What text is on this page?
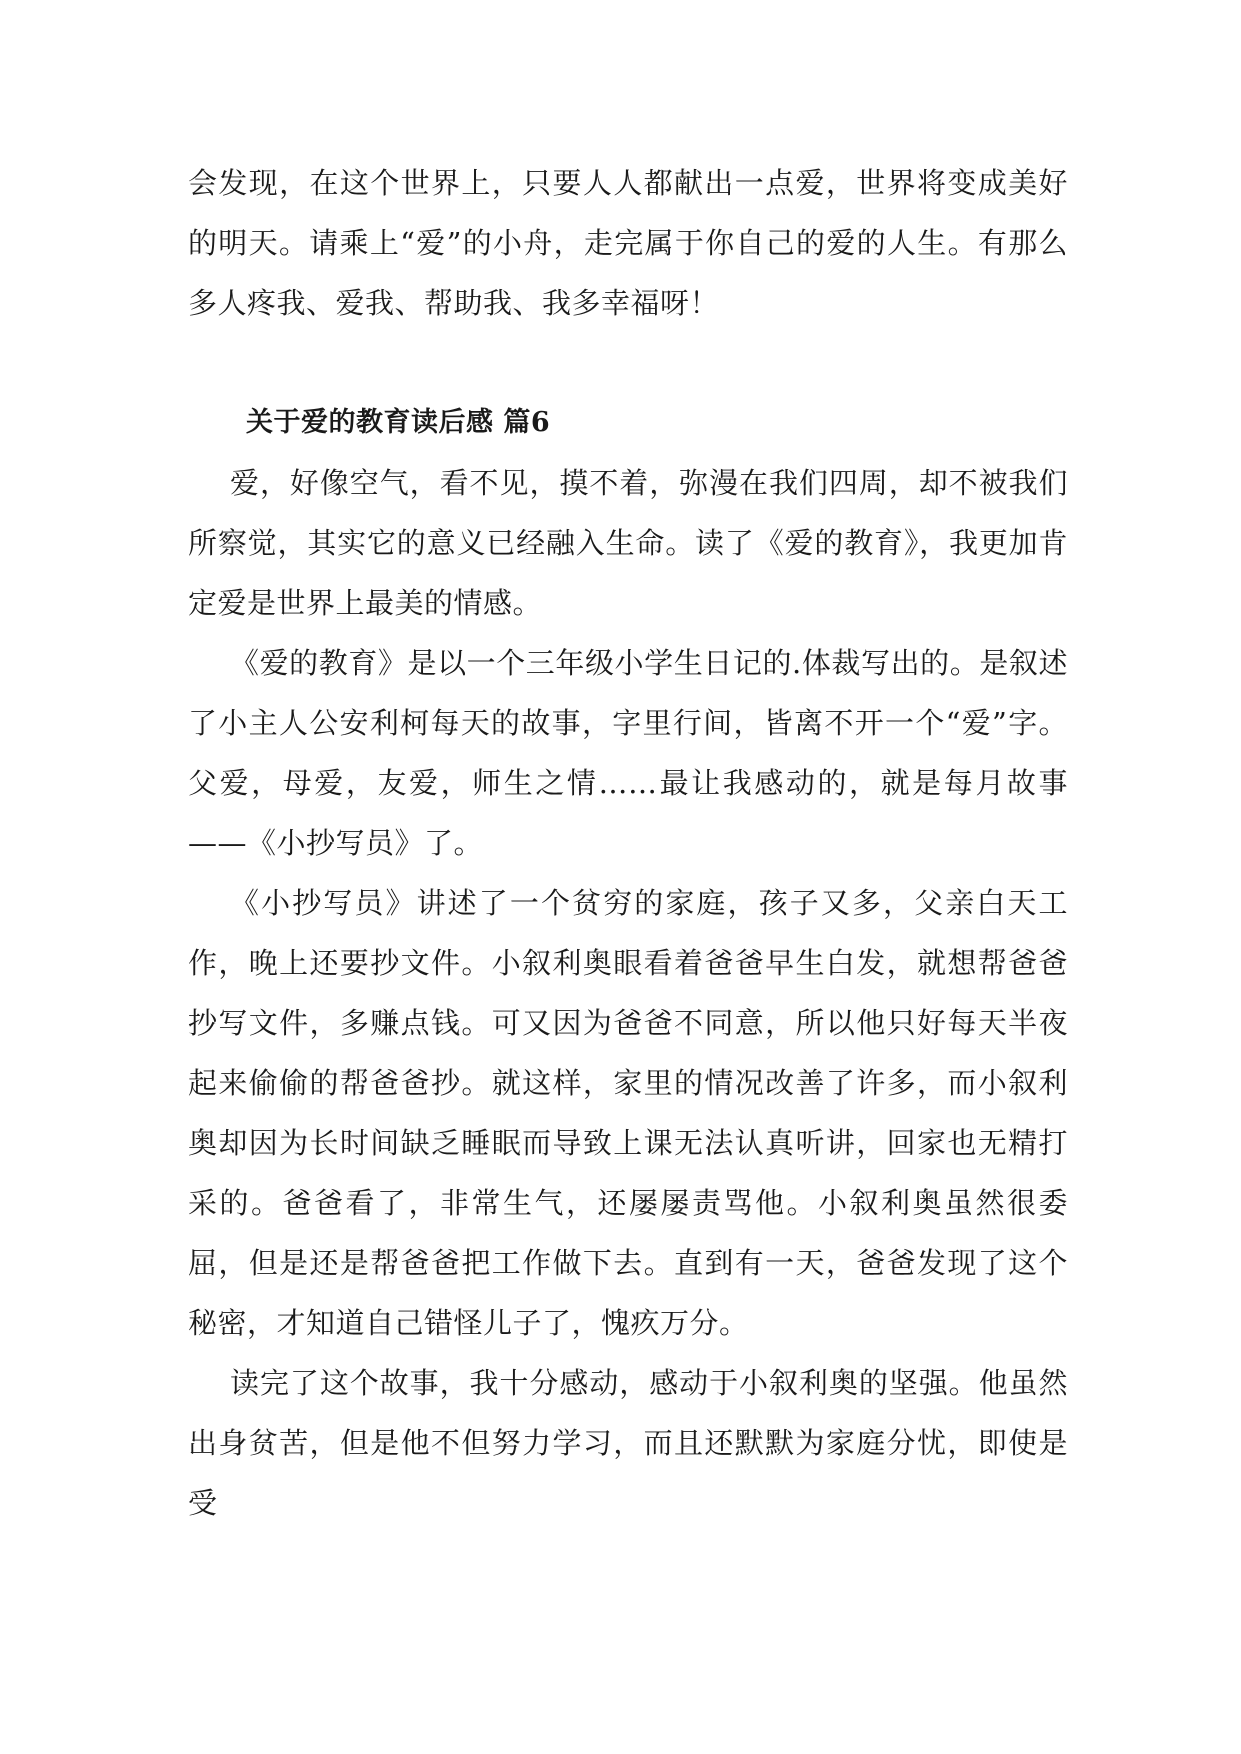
会发现，在这个世界上，只要人人都献出一点爱，世界将变成美好的明天。请乘上“爱”的小舟，走完属于你自己的爱的人生。有那么多人疼我、爱我、帮助我、我多幸福呀！

关于爱的教育读后感 篇6

爱，好像空气，看不见，摸不着，弥漫在我们四周，却不被我们所察觉，其实它的意义已经融入生命。读了《爱的教育》，我更加肯定爱是世界上最美的情感。

《爱的教育》是以一个三年级小学生日记的.体裁写出的。是叙述了小主人公安利柯每天的故事，字里行间，皆离不开一个“爱”字。父爱，母爱，友爱，师生之情……最让我感动的，就是每月故事——《小抄写员》了。

《小抄写员》讲述了一个贫穷的家庭，孩子又多，父亲白天工作，晚上还要抄文件。小叙利奥眼看着爸爸早生白发，就想帮爸爸抄写文件，多赚点钱。可又因为爸爸不同意，所以他只好每天半夜起来偷偷的帮爸爸抄。就这样，家里的情况改善了许多，而小叙利奥却因为长时间缺乏睡眠而导致上课无法认真听讲，回家也无精打采的。爸爸看了，非常生气，还屡屡责骂他。小叙利奥虽然很委屈，但是还是帮爸爸把工作做下去。直到有一天，爸爸发现了这个秘密，才知道自己错怪儿子了，愧疚万分。

读完了这个故事，我十分感动，感动于小叙利奥的坚强。他虽然出身贫苦，但是他不但努力学习，而且还默默为家庭分忧，即使是受
